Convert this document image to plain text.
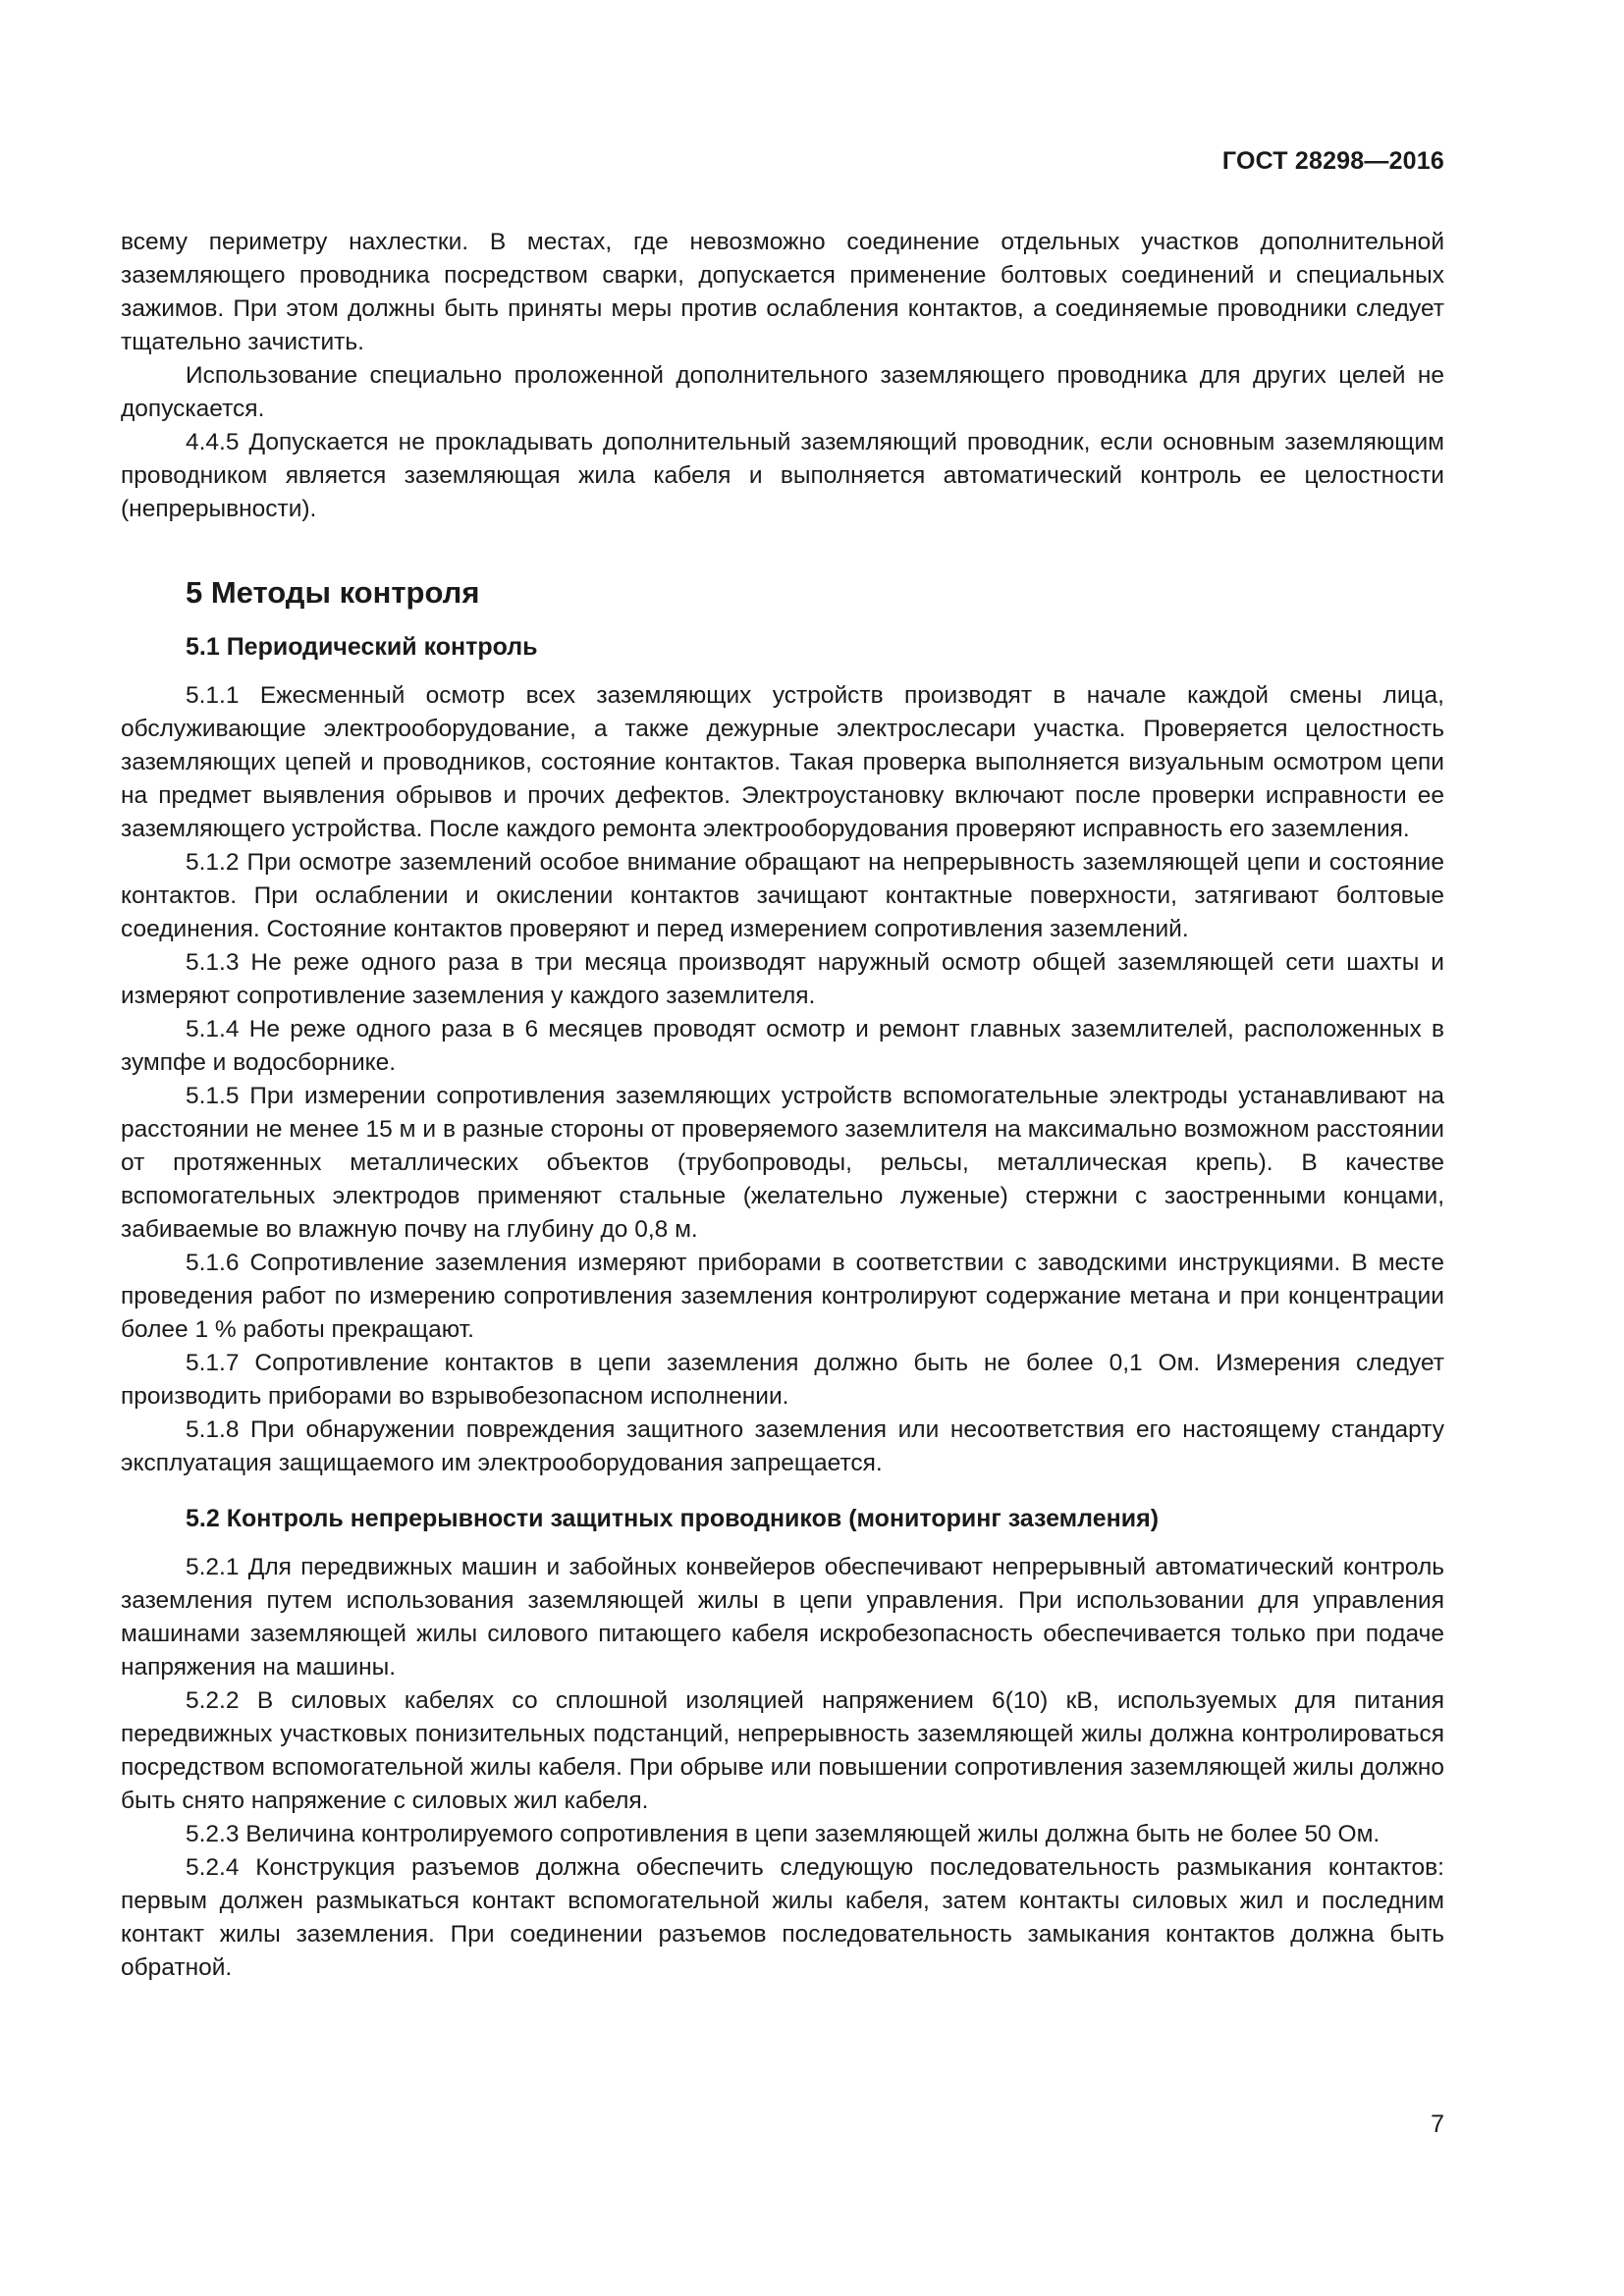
ГОСТ 28298—2016

всему периметру нахлестки. В местах, где невозможно соединение отдельных участков дополнительной заземляющего проводника посредством сварки, допускается применение болтовых соединений и специальных зажимов. При этом должны быть приняты меры против ослабления контактов, а соединяемые проводники следует тщательно зачистить.

Использование специально проложенной дополнительного заземляющего проводника для других целей не допускается.

4.4.5 Допускается не прокладывать дополнительный заземляющий проводник, если основным заземляющим проводником является заземляющая жила кабеля и выполняется автоматический контроль ее целостности (непрерывности).

5 Методы контроля
5.1 Периодический контроль

5.1.1 Ежесменный осмотр всех заземляющих устройств производят в начале каждой смены лица, обслуживающие электрооборудование, а также дежурные электрослесари участка. Проверяется целостность заземляющих цепей и проводников, состояние контактов. Такая проверка выполняется визуальным осмотром цепи на предмет выявления обрывов и прочих дефектов. Электроустановку включают после проверки исправности ее заземляющего устройства. После каждого ремонта электрооборудования проверяют исправность его заземления.

5.1.2 При осмотре заземлений особое внимание обращают на непрерывность заземляющей цепи и состояние контактов. При ослаблении и окислении контактов зачищают контактные поверхности, затягивают болтовые соединения. Состояние контактов проверяют и перед измерением сопротивления заземлений.

5.1.3 Не реже одного раза в три месяца производят наружный осмотр общей заземляющей сети шахты и измеряют сопротивление заземления у каждого заземлителя.

5.1.4 Не реже одного раза в 6 месяцев проводят осмотр и ремонт главных заземлителей, расположенных в зумпфе и водосборнике.

5.1.5 При измерении сопротивления заземляющих устройств вспомогательные электроды устанавливают на расстоянии не менее 15 м и в разные стороны от проверяемого заземлителя на максимально возможном расстоянии от протяженных металлических объектов (трубопроводы, рельсы, металлическая крепь). В качестве вспомогательных электродов применяют стальные (желательно луженые) стержни с заостренными концами, забиваемые во влажную почву на глубину до 0,8 м.

5.1.6 Сопротивление заземления измеряют приборами в соответствии с заводскими инструкциями. В месте проведения работ по измерению сопротивления заземления контролируют содержание метана и при концентрации более 1 % работы прекращают.

5.1.7 Сопротивление контактов в цепи заземления должно быть не более 0,1 Ом. Измерения следует производить приборами во взрывобезопасном исполнении.

5.1.8 При обнаружении повреждения защитного заземления или несоответствия его настоящему стандарту эксплуатация защищаемого им электрооборудования запрещается.

5.2 Контроль непрерывности защитных проводников (мониторинг заземления)

5.2.1 Для передвижных машин и забойных конвейеров обеспечивают непрерывный автоматический контроль заземления путем использования заземляющей жилы в цепи управления. При использовании для управления машинами заземляющей жилы силового питающего кабеля искробезопасность обеспечивается только при подаче напряжения на машины.

5.2.2 В силовых кабелях со сплошной изоляцией напряжением 6(10) кВ, используемых для питания передвижных участковых понизительных подстанций, непрерывность заземляющей жилы должна контролироваться посредством вспомогательной жилы кабеля. При обрыве или повышении сопротивления заземляющей жилы должно быть снято напряжение с силовых жил кабеля.

5.2.3 Величина контролируемого сопротивления в цепи заземляющей жилы должна быть не более 50 Ом.

5.2.4 Конструкция разъемов должна обеспечить следующую последовательность размыкания контактов: первым должен размыкаться контакт вспомогательной жилы кабеля, затем контакты силовых жил и последним контакт жилы заземления. При соединении разъемов последовательность замыкания контактов должна быть обратной.

7
